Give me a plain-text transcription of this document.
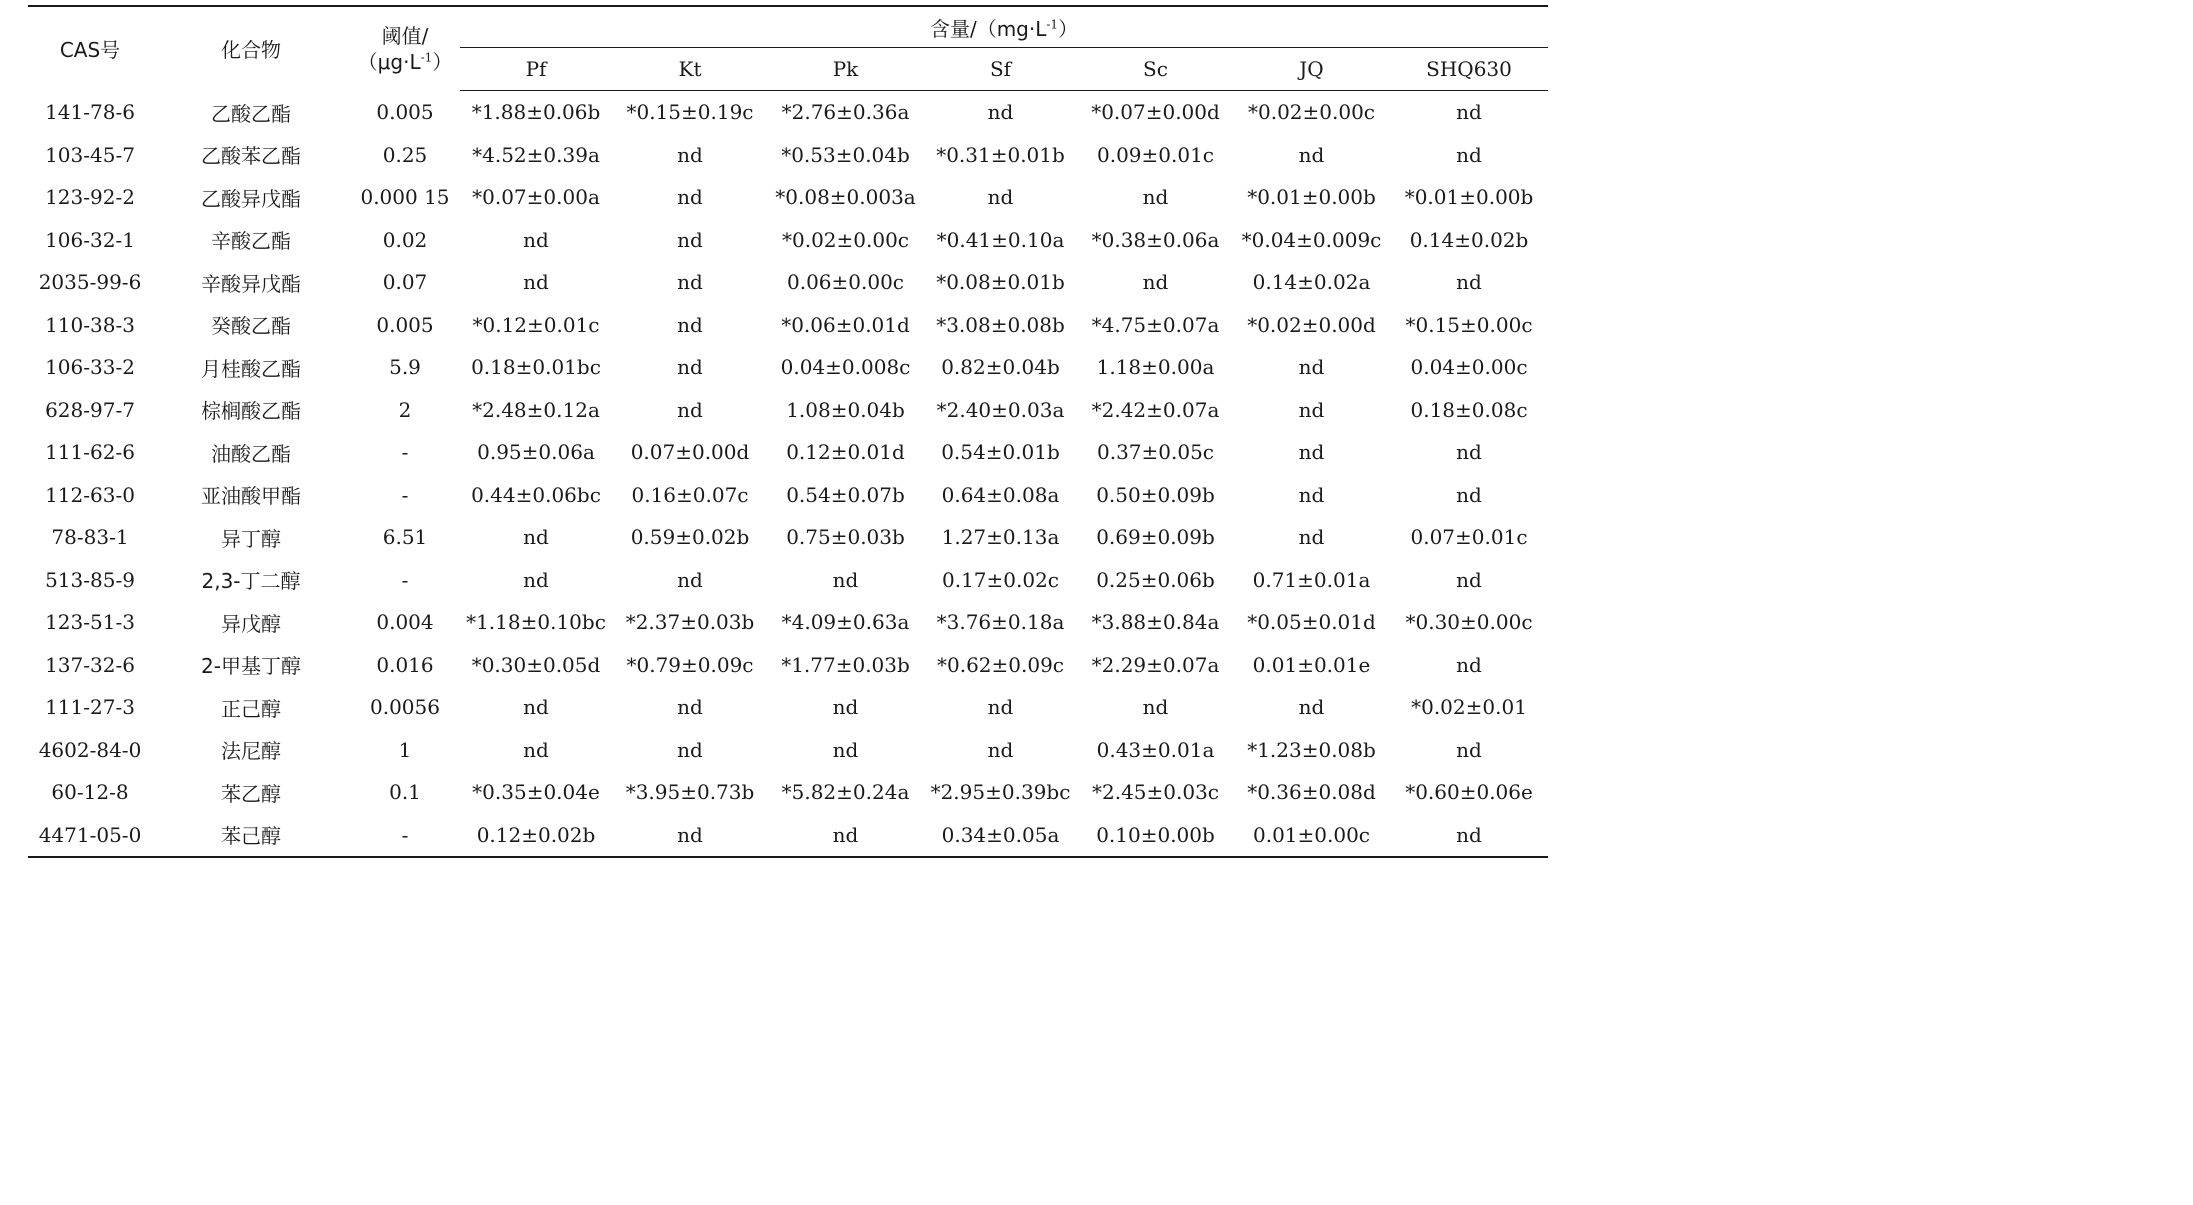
CAS号	化合物	阈值/
$(\mu g\cdot L^{-1})$	含量$/(mg\cdot L^{-1})$						
			Pf	Kt	Pk	Sf	Sc	JQ	SHQ630
141-78-6	乙酸乙酯	0.005	*1.88±0.06b	*0.15±0.19c	*2.76±0.36a	nd	*0.07±0.00d	*0.02±0.00c	nd
103-45-7	乙酸苯乙酯	0.25	*4.52±0.39a	nd	*0.53±0.04b	*0.31±0.01b	0.09±0.01c	nd	nd
123-92-2	乙酸异戊酯	0.000 15	*0.07±0.00a	nd	*0.08±0.003a	nd	nd	*0.01±0.00b	*0.01±0.00b
106-32-1	辛酸乙酯	0.02	nd	nd	*0.02±0.00c	*0.41±0.10a	*0.38±0.06a	*0.04±0.009c	0.14±0.02b
2035-99-6	辛酸异戊酯	0.07	nd	nd	0.06±0.00c	*0.08±0.01b	nd	0.14±0.02a	nd
110-38-3	癸酸乙酯	0.005	*0.12±0.01c	nd	*0.06±0.01d	*3.08±0.08b	*4.75±0.07a	*0.02±0.00d	*0.15±0.00c
106-33-2	月桂酸乙酯	5.9	0.18±0.01bc	nd	0.04±0.008c	0.82±0.04b	1.18±0.00a	nd	0.04±0.00c
628-97-7	棕榈酸乙酯	2	*2.48±0.12a	nd	1.08±0.04b	*2.40±0.03a	*2.42±0.07a	nd	0.18±0.08c
111-62-6	油酸乙酯	-	0.95±0.06a	0.07±0.00d	0.12±0.01d	0.54±0.01b	0.37±0.05c	nd	nd
112-63-0	亚油酸甲酯	-	0.44±0.06bc	0.16±0.07c	0.54±0.07b	0.64±0.08a	0.50±0.09b	nd	nd
78-83-1	异丁醇	6.51	nd	0.59±0.02b	0.75±0.03b	1.27±0.13a	0.69±0.09b	nd	0.07±0.01c
513-85-9	2,3-丁二醇	-	nd	nd	nd	0.17±0.02c	0.25±0.06b	0.71±0.01a	nd
123-51-3	异戊醇	0.004	*1.18±0.10bc	*2.37±0.03b	*4.09±0.63a	*3.76±0.18a	*3.88±0.84a	*0.05±0.01d	*0.30±0.00c
137-32-6	2-甲基丁醇	0.016	*0.30±0.05d	*0.79±0.09c	*1.77±0.03b	*0.62±0.09c	*2.29±0.07a	0.01±0.01e	nd
111-27-3	正己醇	0.0056	nd	nd	nd	nd	nd	nd	*0.02±0.01
4602-84-0	法尼醇	1	nd	nd	nd	nd	0.43±0.01a	*1.23±0.08b	nd
60-12-8	苯乙醇	0.1	*0.35±0.04e	*3.95±0.73b	*5.82±0.24a	*2.95±0.39bc	*2.45±0.03c	*0.36±0.08d	*0.60±0.06e
4471-05-0	苯己醇	-	0.12±0.02b	nd	nd	0.34±0.05a	0.10±0.00b	0.01±0.00c	nd
